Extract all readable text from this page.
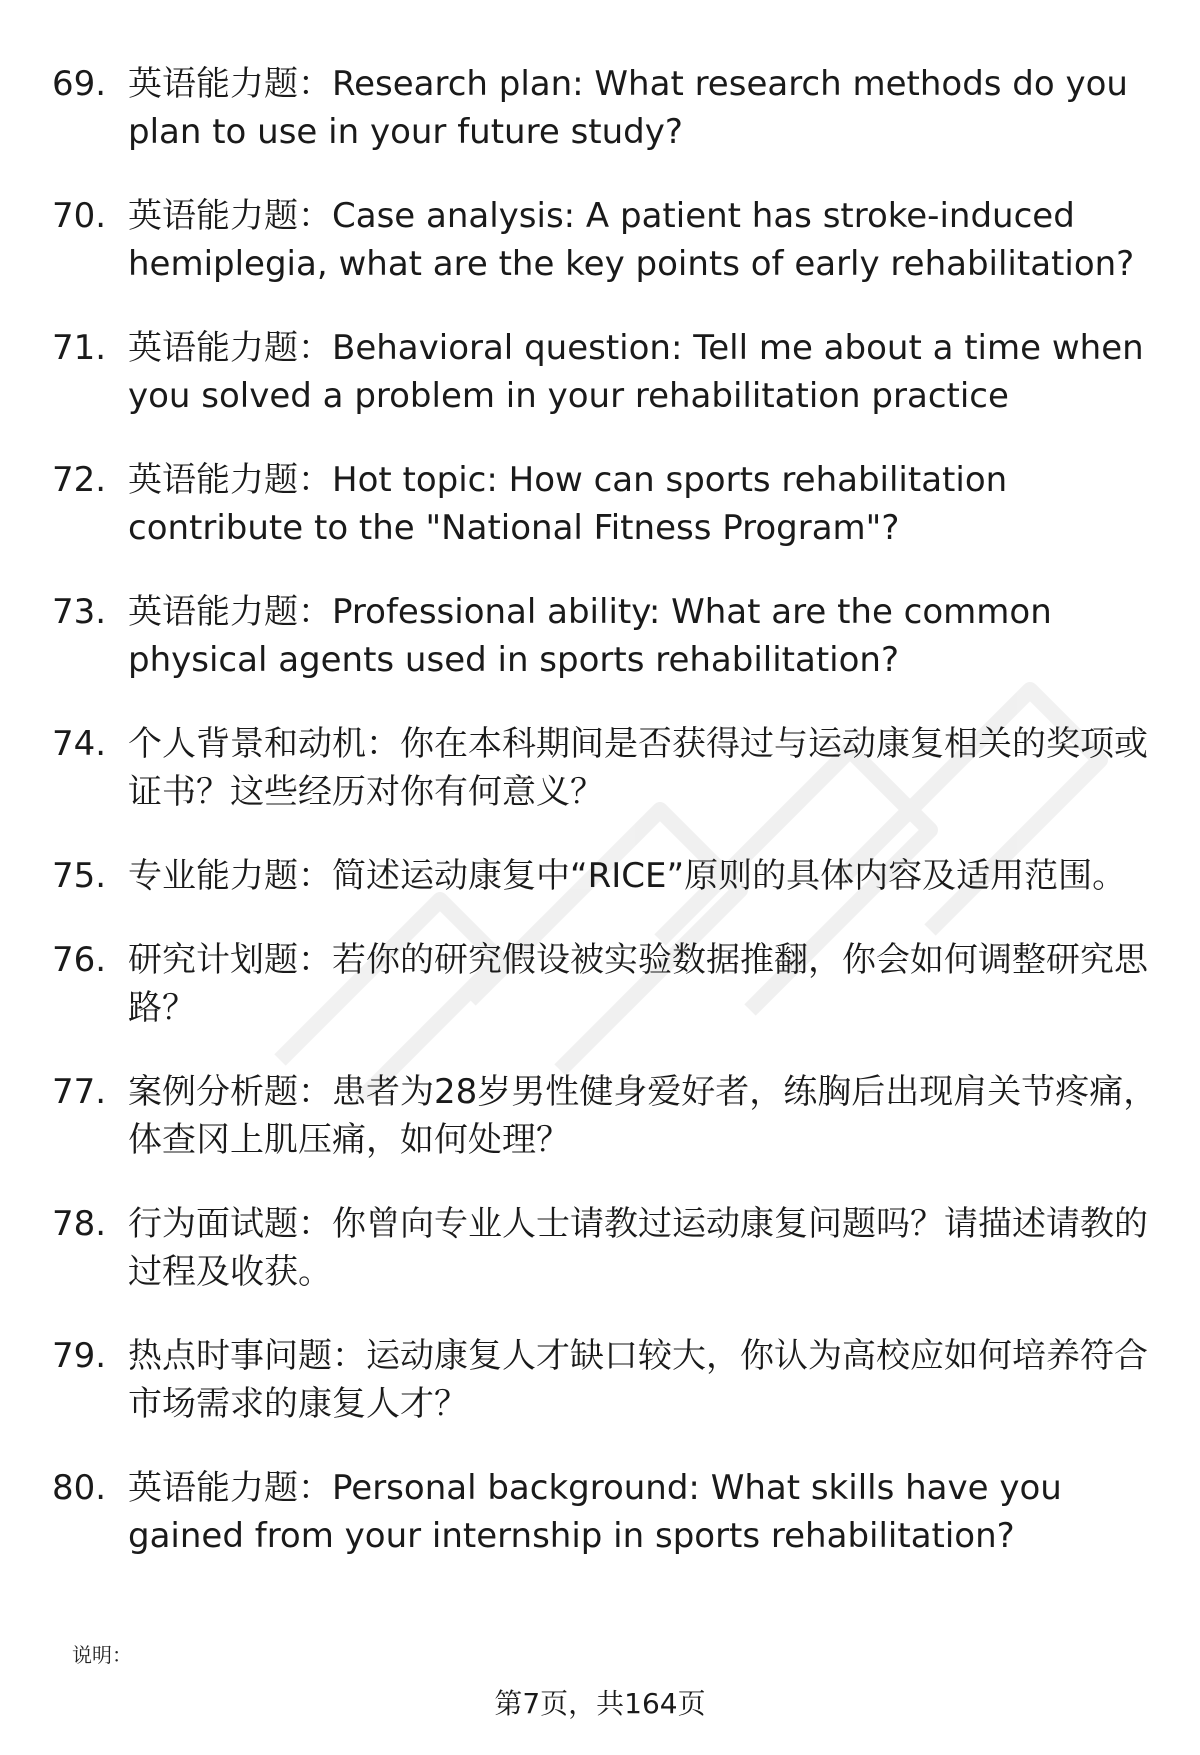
69. 英语能力题：Research plan: What research methods do you plan to use in your future study?
70. 英语能力题：Case analysis: A patient has stroke-induced hemiplegia, what are the key points of early rehabilitation?
71. 英语能力题：Behavioral question: Tell me about a time when you solved a problem in your rehabilitation practice
72. 英语能力题：Hot topic: How can sports rehabilitation contribute to the "National Fitness Program"?
73. 英语能力题：Professional ability: What are the common physical agents used in sports rehabilitation?
74. 个人背景和动机：你在本科期间是否获得过与运动康复相关的奖项或证书？这些经历对你有何意义？
75. 专业能力题：简述运动康复中“RICE”原则的具体内容及适用范围。
76. 研究计划题：若你的研究假设被实验数据推翻，你会如何调整研究思路？
77. 案例分析题：患者为28岁男性健身爱好者，练胸后出现肩关节疼痛，体查冈上肌压痛，如何处理？
78. 行为面试题：你曾向专业人士请教过运动康复问题吗？请描述请教的过程及收获。
79. 热点时事问题：运动康复人才缺口较大，你认为高校应如何培养符合市场需求的康复人才？
80. 英语能力题：Personal background: What skills have you gained from your internship in sports rehabilitation?
说明：
第7页，共164页
